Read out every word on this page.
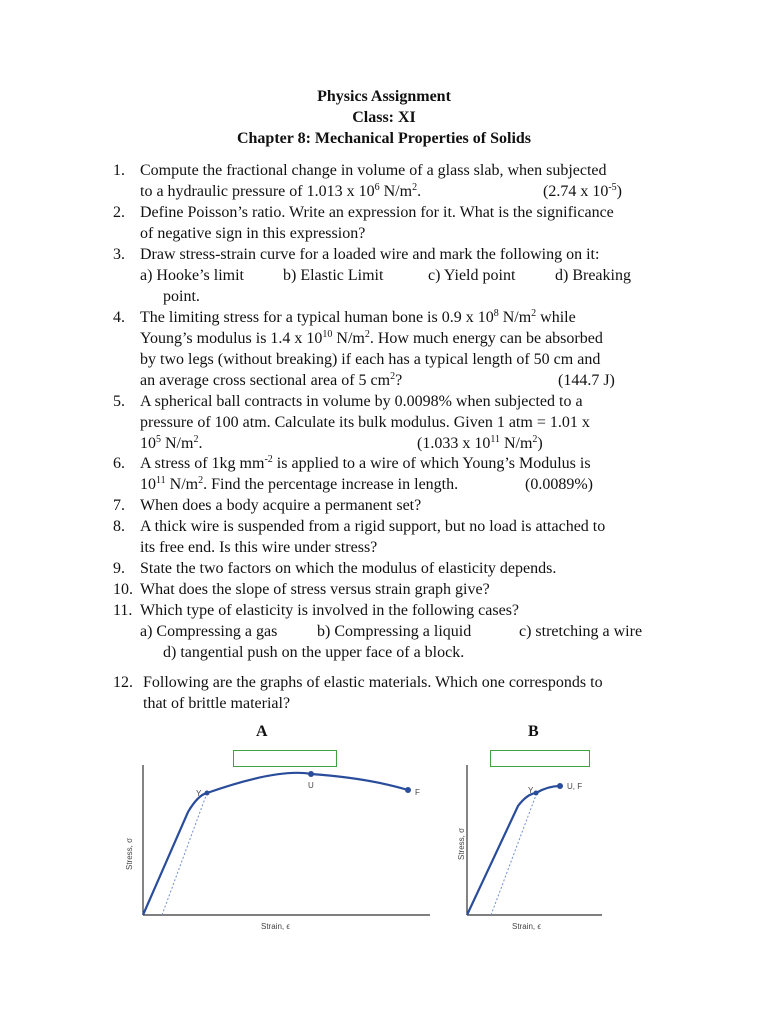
Physics Assignment
Class: XI
Chapter 8: Mechanical Properties of Solids
1. Compute the fractional change in volume of a glass slab, when subjected
to a hydraulic pressure of 1.013 x $10^6$ $N/m^2$.	(2.74 x $10^{-5}$)
2. Define Poisson’s ratio. Write an expression for it. What is the significance
of negative sign in this expression?
3. Draw stress-strain curve for a loaded wire and mark the following on it:
a) Hooke’s limit b) Elastic Limit	c) Yield point d) Breaking
point.
4. The limiting stress for a typical human bone is 0.9 x $10^8$ $N/m^2$ while
Young’s modulus is 1.4 x $10^{10}$ $N/m^2$. How much energy can be absorbed
by two legs (without breaking) if each has a typical length of 50 cm and
an average cross sectional area of 5 $cm^2$?	(144.7 J)
5. A spherical ball contracts in volume by 0.0098% when subjected to a
pressure of 100 atm. Calculate its bulk modulus. Given 1 atm = 1.01 x
$10^5$ $N/m^2$.	(1.033 x $10^{11}$ $N/m^2$)
6. A stress of 1kg $mm^{-2}$ is applied to a wire of which Young’s Modulus is
$10^{11}$ $N/m^2$. Find the percentage increase in length.	(0.0089%)
7. When does a body acquire a permanent set?
8. A thick wire is suspended from a rigid support, but no load is attached to
its free end. Is this wire under stress?
9. State the two factors on which the modulus of elasticity depends.
10. What does the slope of stress versus strain graph give?
11. Which type of elasticity is involved in the following cases?
a) Compressing a gas b) Compressing a liquid	c) stretching a wire
d) tangential push on the upper face of a block.
12. Following are the graphs of elastic materials. Which one corresponds to
that of brittle material?
A	B
Y
U
F
Stress, σ
Strain, ϵ
Y	U, F
Stress, σ
Strain, ϵ
